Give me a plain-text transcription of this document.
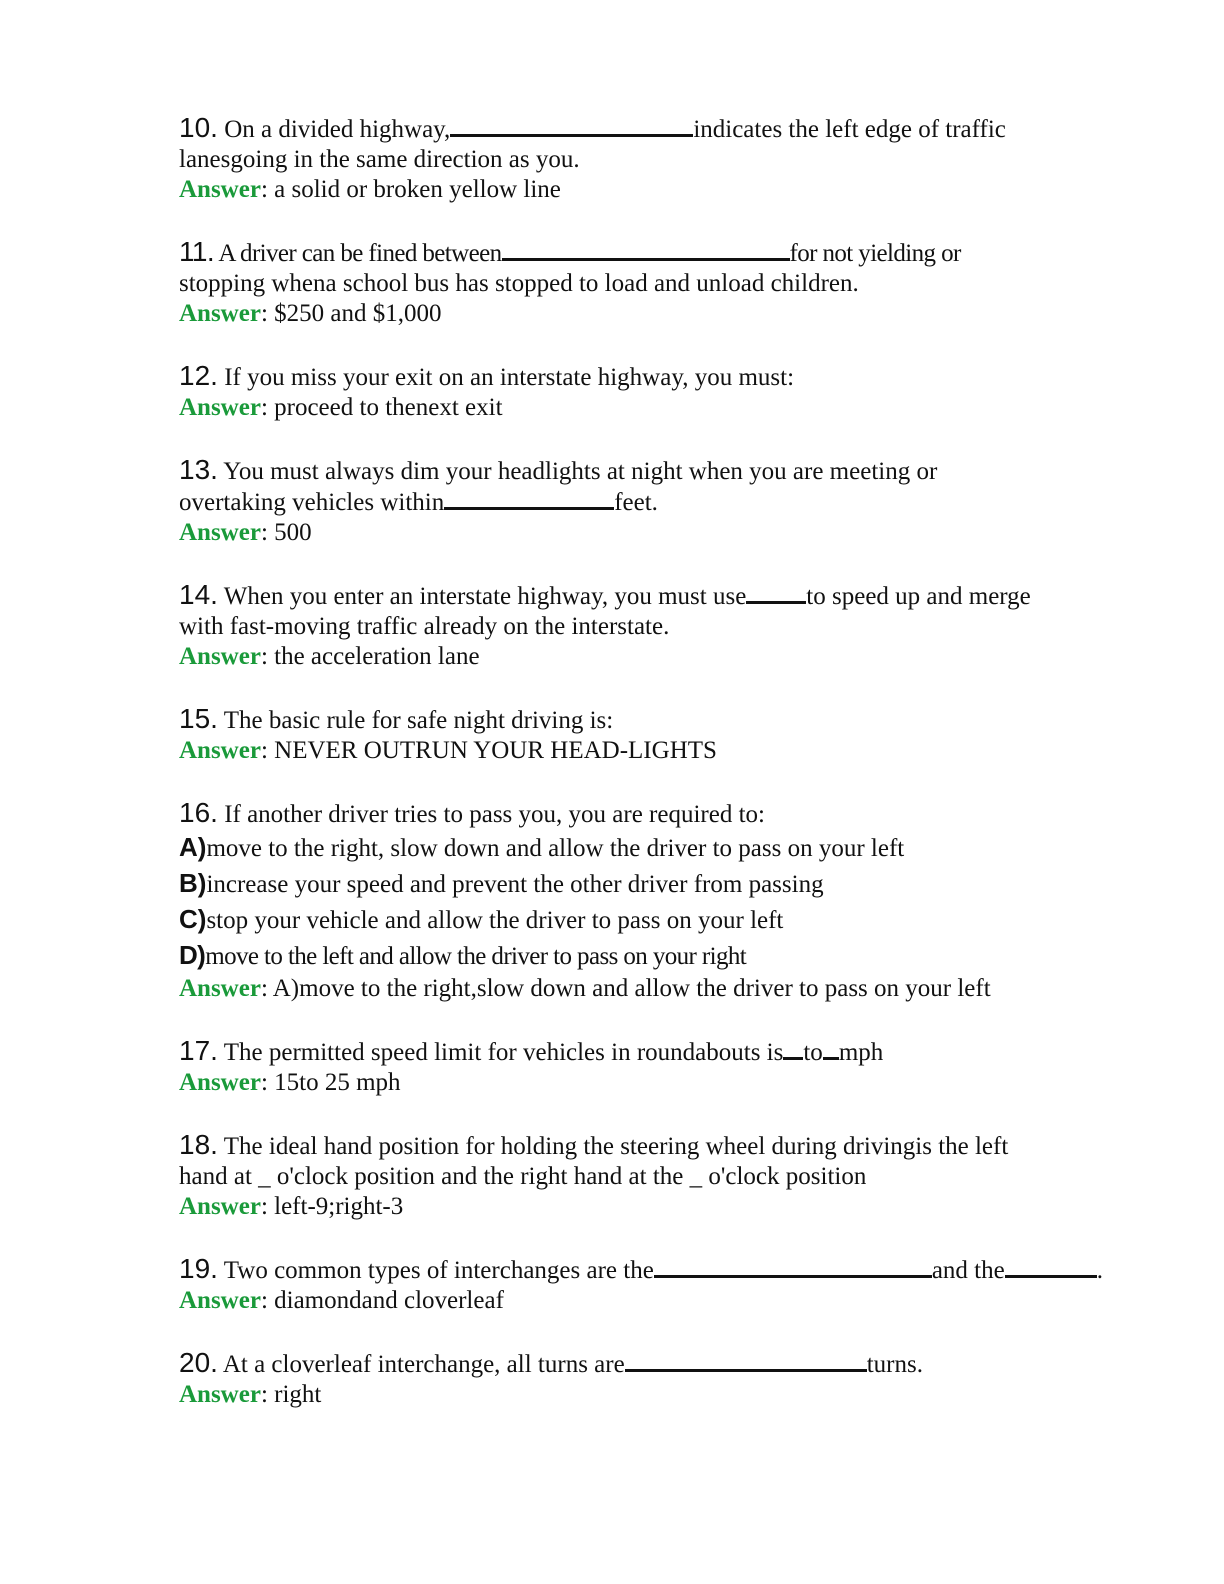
10. On a divided highway,	indicates the left edge of traffic
lanesgoing in the same direction as you.
Answer: a solid or broken yellow line
11. A driver can be fined between	for not yielding or
stopping whena school bus has stopped to load and unload children.
Answer: $250 and $1,000
12. If you miss your exit on an interstate highway, you must:
Answer: proceed to thenext exit
13. You must always dim your headlights at night when you are meeting or
overtaking vehicles within	feet.
Answer: 500
14. When you enter an interstate highway, you must use to speed up and merge
with fast-moving traffic already on the interstate.
Answer: the acceleration lane
15. The basic rule for safe night driving is:
Answer: NEVER OUTRUN YOUR HEAD-LIGHTS
16. If another driver tries to pass you, you are required to:
A)move to the right, slow down and allow the driver to pass on your left
B)increase your speed and prevent the other driver from passing
C)stop your vehicle and allow the driver to pass on your left
D)move to the left and allow the driver to pass on your right
Answer: A)move to the right,slow down and allow the driver to pass on your left
17. The permitted speed limit for vehicles in roundabouts is to mph
Answer: 15to 25 mph
18. The ideal hand position for holding the steering wheel during drivingis the left
hand at _ o'clock position and the right hand at the _ o'clock position
Answer: left-9;right-3
19. Two common types of interchanges are the	and the	.
Answer: diamondand cloverleaf
20. At a cloverleaf interchange, all turns are	turns.
Answer: right
